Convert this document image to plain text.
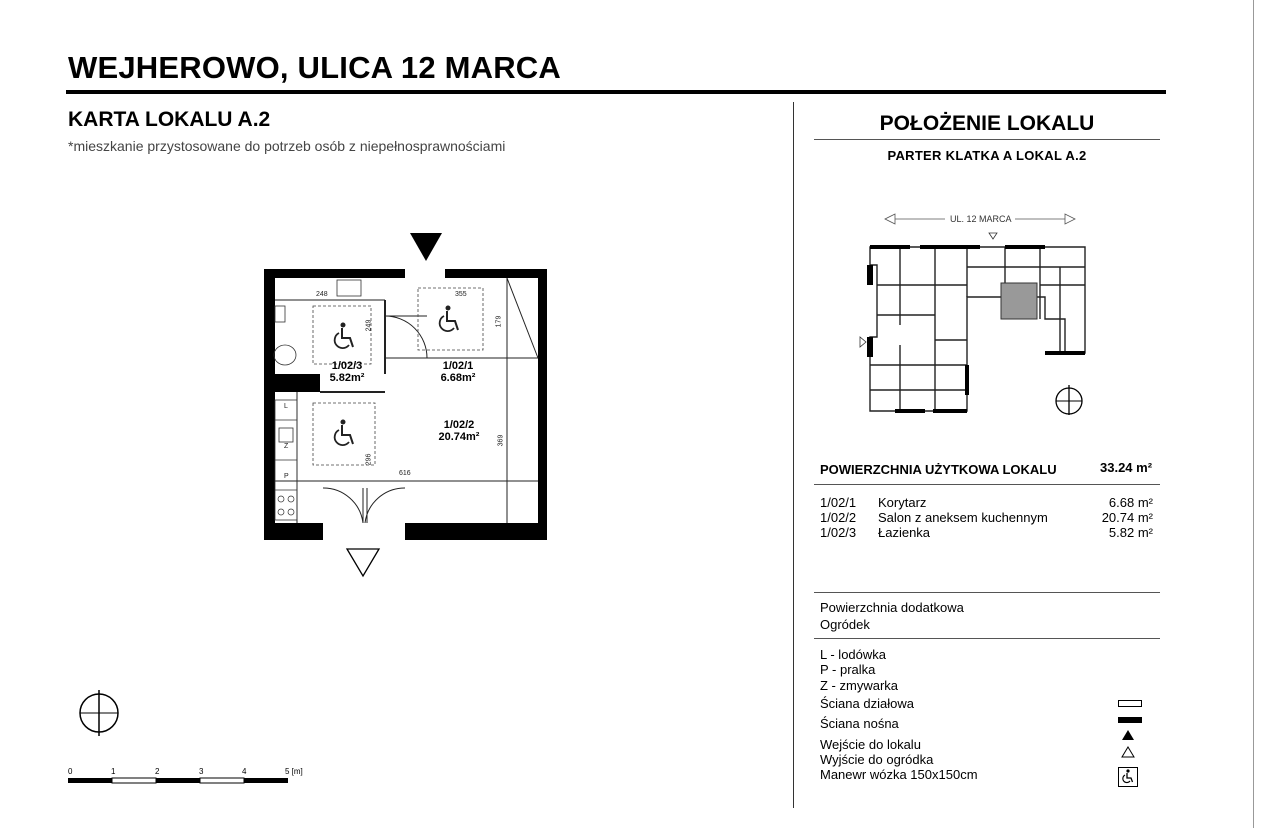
WEJHEROWO, ULICA 12 MARCA
KARTA LOKALU A.2
*mieszkanie przystosowane do potrzeb osób z niepełnosprawnościami
1/02/3
5.82m²
1/02/1
6.68m²
1/02/2
20.74m²
248	355
249	179
369
296
616
L
Z
P
0	1	2	3	4	5 [m]
POŁOŻENIE LOKALU
PARTER KLATKA A LOKAL A.2
UL. 12 MARCA
POWIERZCHNIA UŻYTKOWA LOKALU	33.24 m²
1/02/1 Korytarz	6.68 m²
1/02/2 Salon z aneksem kuchennym	20.74 m²
1/02/3 Łazienka	5.82 m²
Powierzchnia dodatkowa
Ogródek
L - lodówka
P - pralka
Z - zmywarka
Ściana działowa
Ściana nośna
Wejście do lokalu
Wyjście do ogródka
Manewr wózka 150x150cm
